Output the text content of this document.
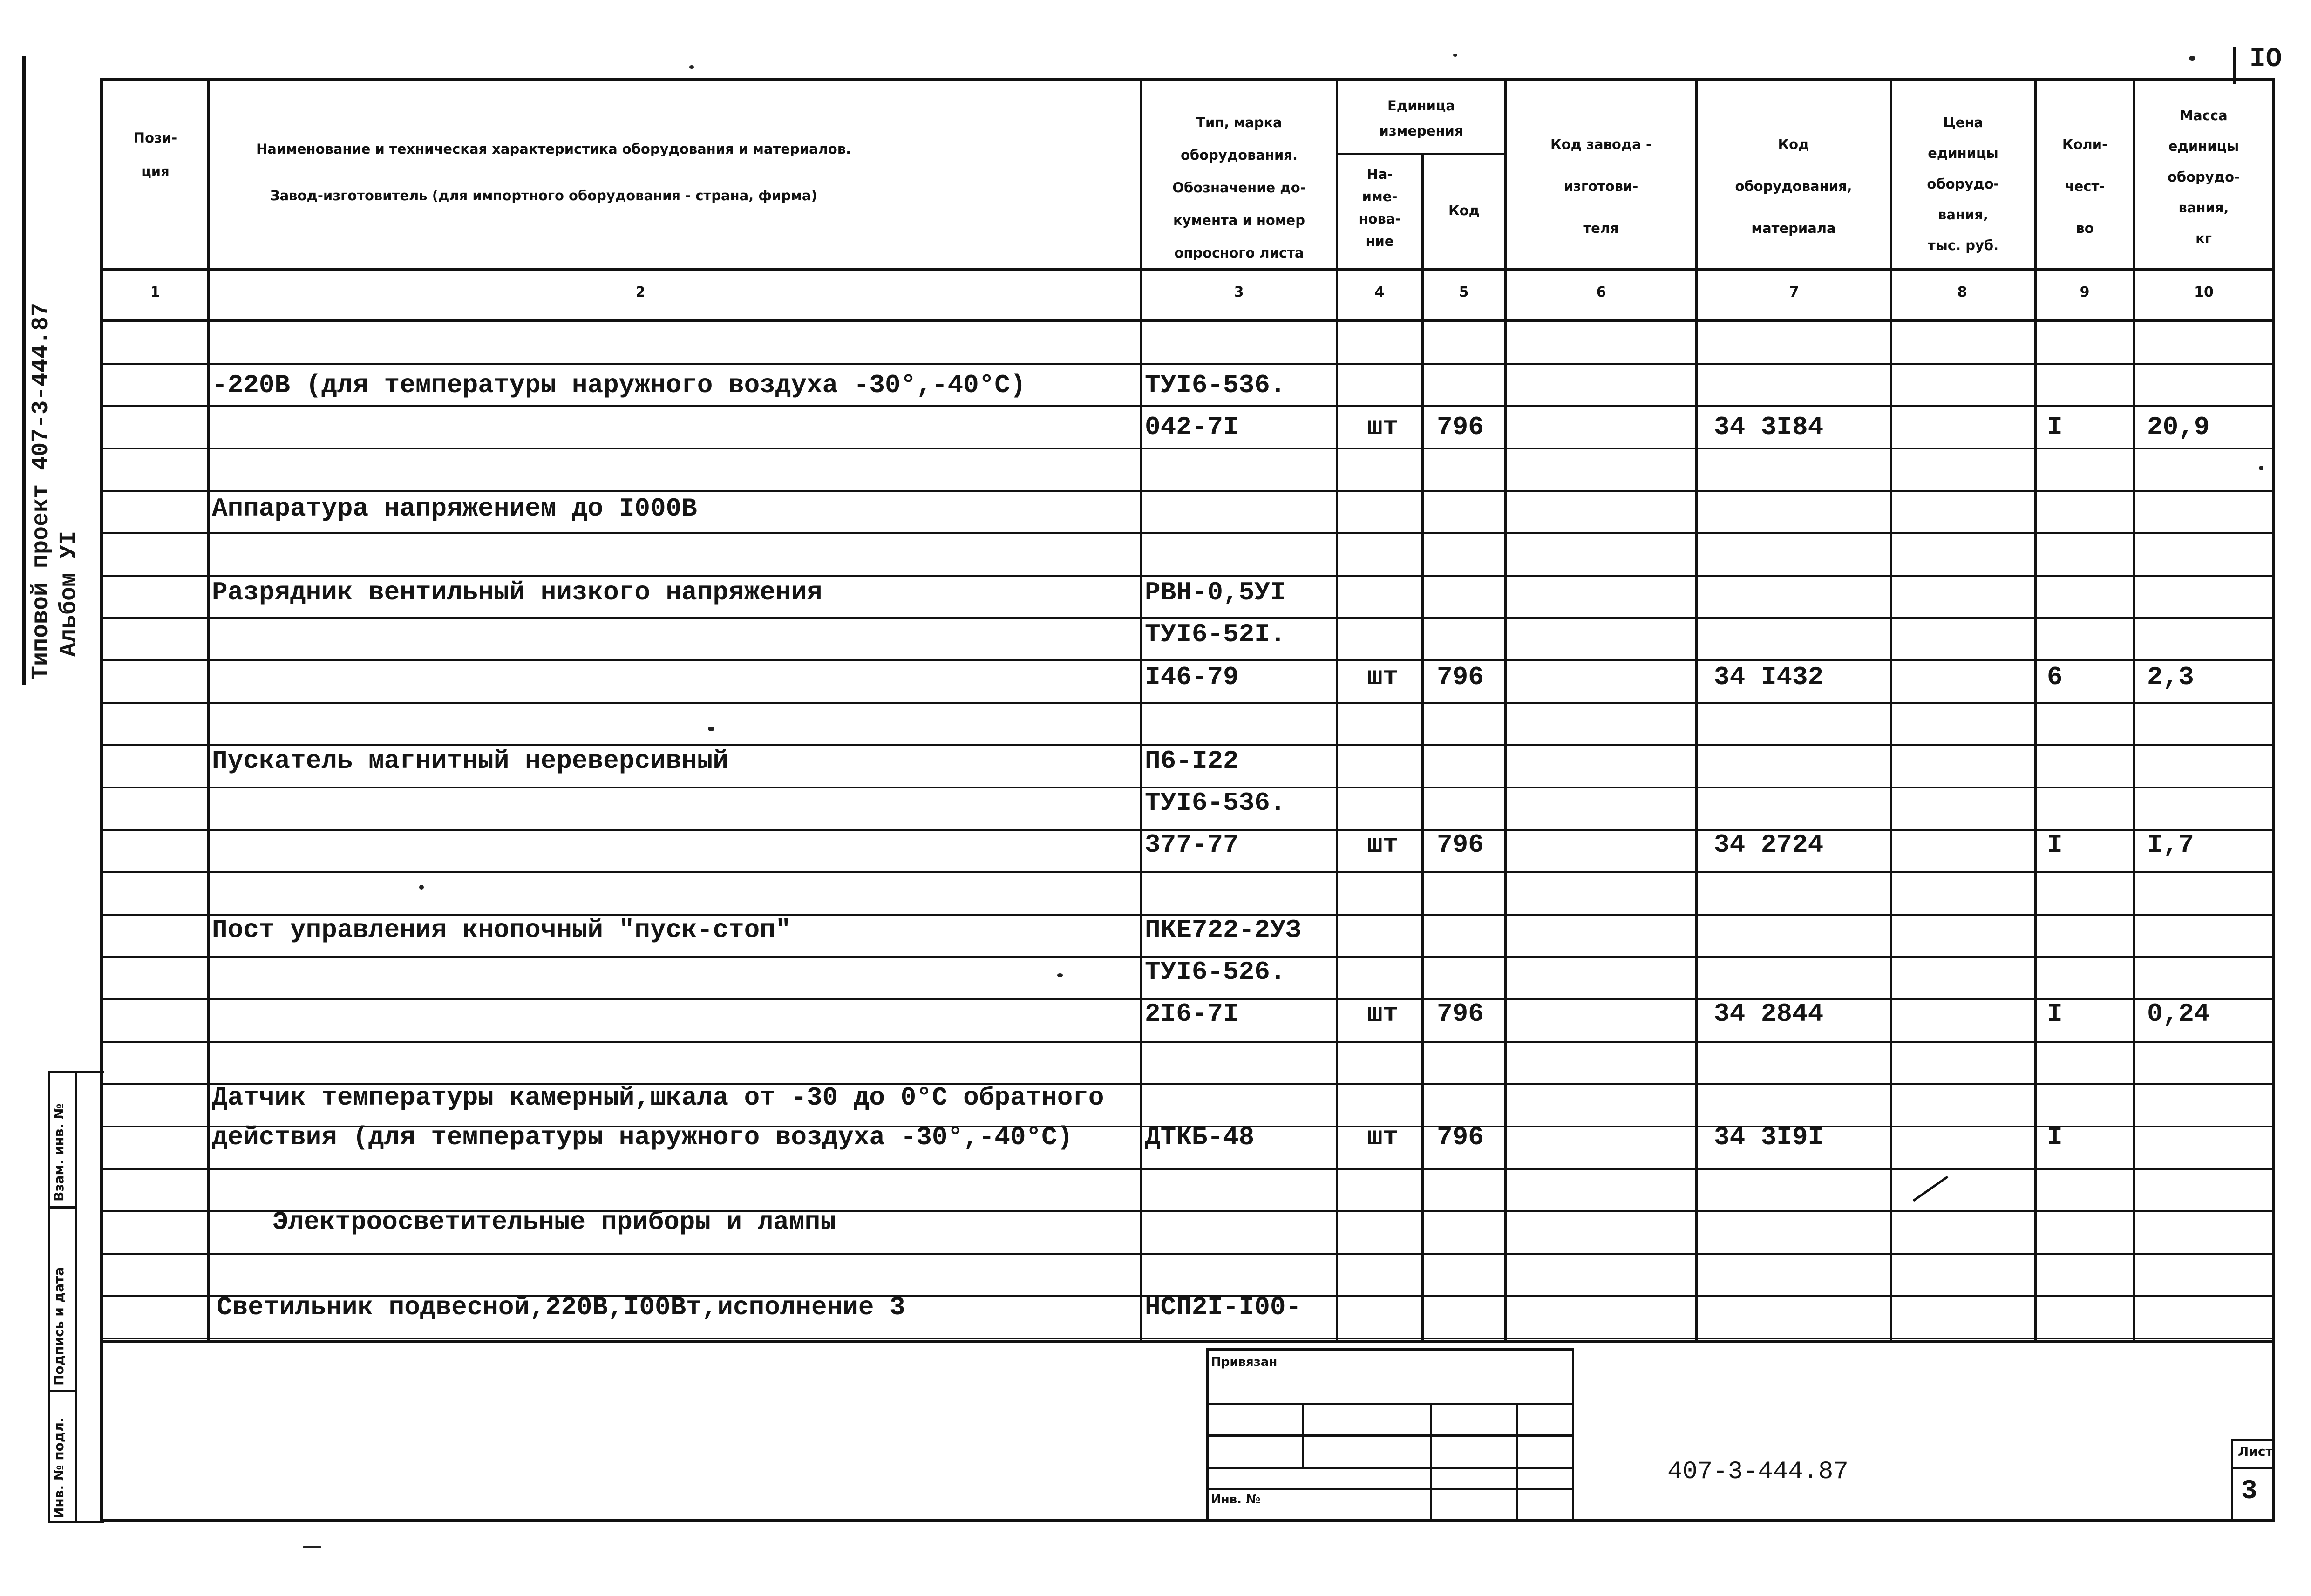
IO
Типовой проект 407-3-444.87 Альбом УI
Инв. № подл.
Подпись и дата
Взам. инв. №
Пози-
ция
Наименование и техническая характеристика оборудования и материалов.
Завод-изготовитель (для импортного оборудования - страна, фирма)
Тип, марка
оборудования.
Обозначение до-
кумента и номер
опросного листа
Единица
измерения
На-
име-
нова-
ние
Код
Код завода -
изготови-
теля
Код
оборудования,
материала
Цена
единицы
оборудо-
вания,
тыс. руб.
Коли-
чест-
во
Масса
единицы
оборудо-
вания,
кг
1	2	3	4	5	6	7	8	9	10
-220В (для температуры наружного воздуха -30°,-40°С)	ТУI6-536.
042-7I	шт 796	34 3I84	I	20,9
Аппаратура напряжением до I000В
Разрядник вентильный низкого напряжения	РВН-0,5УI
ТУI6-52I.
I46-79	шт 796	34 I432	6	2,3
Пускатель магнитный нереверсивный	П6-I22
ТУI6-536.
377-77	шт 796	34 2724	I	I,7
Пост управления кнопочный "пуск-стоп"	ПКЕ722-2УЗ
ТУI6-526.
2I6-7I	шт 796	34 2844	I	0,24
Датчик температуры камерный,шкала от -30 до 0°С обратного
действия (для температуры наружного воздуха -30°,-40°С)	ДТКБ-48	шт 796	34 3I9I	I
Электроосветительные приборы и лампы
Светильник подвесной,220В,I00Вт,исполнение 3	НСП2I-I00-
Привязан
Инв. №
407-3-444.87
Лист
3
